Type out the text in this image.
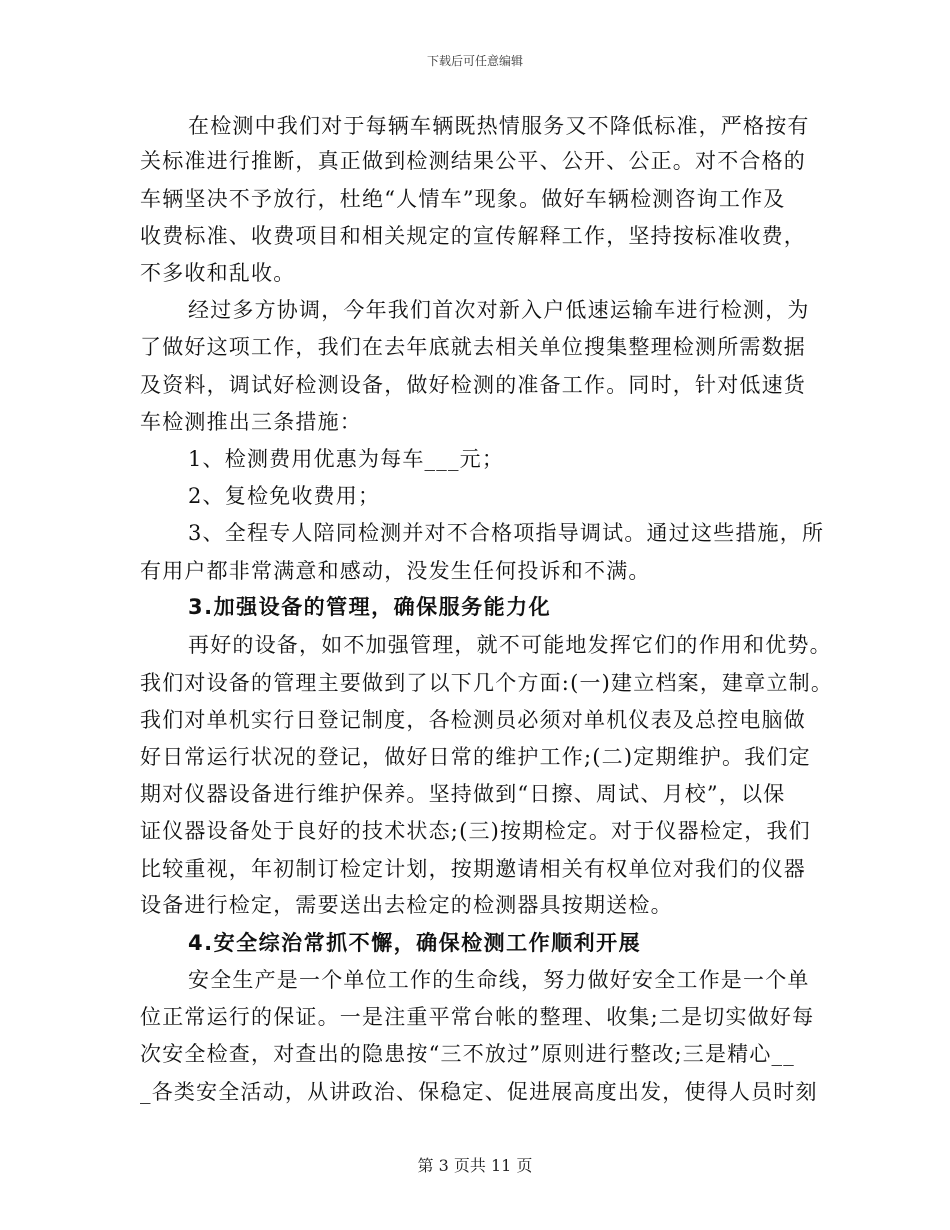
下载后可任意编辑
在检测中我们对于每辆车辆既热情服务又不降低标准，严格按有
关标准进行推断，真正做到检测结果公平、公开、公正。对不合格的
车辆坚决不予放行，杜绝“人情车”现象。做好车辆检测咨询工作及
收费标准、收费项目和相关规定的宣传解释工作，坚持按标准收费，
不多收和乱收。
经过多方协调，今年我们首次对新入户低速运输车进行检测，为
了做好这项工作，我们在去年底就去相关单位搜集整理检测所需数据
及资料，调试好检测设备，做好检测的准备工作。同时，针对低速货
车检测推出三条措施：
1、检测费用优惠为每车___元；
2、复检免收费用；
3、全程专人陪同检测并对不合格项指导调试。通过这些措施，所
有用户都非常满意和感动，没发生任何投诉和不满。
3.加强设备的管理，确保服务能力化
再好的设备，如不加强管理，就不可能地发挥它们的作用和优势。
我们对设备的管理主要做到了以下几个方面:(一)建立档案，建章立制。
我们对单机实行日登记制度，各检测员必须对单机仪表及总控电脑做
好日常运行状况的登记，做好日常的维护工作;(二)定期维护。我们定
期对仪器设备进行维护保养。坚持做到“日擦、周试、月校”，以保
证仪器设备处于良好的技术状态;(三)按期检定。对于仪器检定，我们
比较重视，年初制订检定计划，按期邀请相关有权单位对我们的仪器
设备进行检定，需要送出去检定的检测器具按期送检。
4.安全综治常抓不懈，确保检测工作顺利开展
安全生产是一个单位工作的生命线，努力做好安全工作是一个单
位正常运行的保证。一是注重平常台帐的整理、收集;二是切实做好每
次安全检查，对查出的隐患按“三不放过”原则进行整改;三是精心__
_各类安全活动，从讲政治、保稳定、促进展高度出发，使得人员时刻
第 3 页共 11 页
